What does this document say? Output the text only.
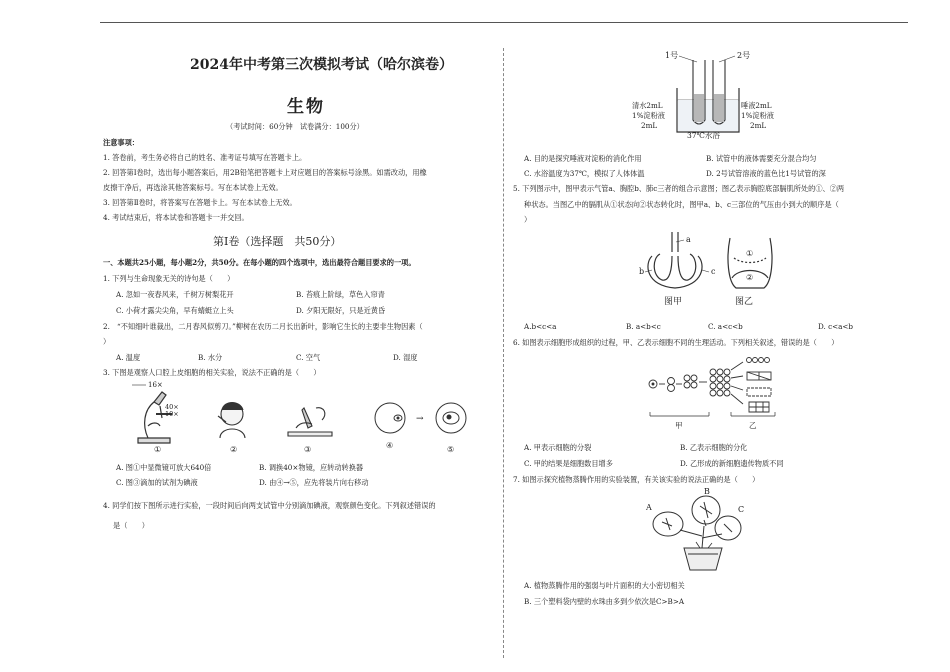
2024年中考第三次模拟考试（哈尔滨卷）
生物
（考试时间：60分钟　试卷满分：100分）
注意事项：
1. 答卷前，考生务必将自己的姓名、准考证号填写在答题卡上。
2. 回答第Ⅰ卷时，选出每小题答案后，用2B铅笔把答题卡上对应题目的答案标号涂黑。如需改动，用橡
皮擦干净后，再选涂其他答案标号。写在本试卷上无效。
3. 回答第Ⅱ卷时，将答案写在答题卡上。写在本试卷上无效。
4. 考试结束后，将本试卷和答题卡一并交回。
第Ⅰ卷（选择题　共50分）
一、本题共25小题，每小题2分，共50分。在每小题的四个选项中，选出最符合题目要求的一项。
1. 下列与生命现象无关的诗句是（　　）
A. 忽如一夜春风来，千树万树梨花开	B. 苔痕上阶绿，草色入帘青
C. 小荷才露尖尖角，早有蜻蜓立上头	D. 夕阳无限好，只是近黄昏
2.　“不知细叶谁裁出，二月春风似剪刀。”柳树在农历二月长出新叶，影响它生长的主要非生物因素（
）
A. 温度	B. 水分	C. 空气	D. 湿度
3. 下图是观察人口腔上皮细胞的相关实验，说法不正确的是（　　）
16×
40×
10×
①	②	③	④
→
⑤
A. 图①中显微镜可放大640倍	B. 调换40×物镜，应转动转换器
C. 图③滴加的试剂为碘液	D. 由④→⑤，应先将装片向右移动
4. 同学们按下图所示进行实验，一段时间后向两支试管中分别滴加碘液，观察颜色变化。下列叙述错误的
是（　　）
1号	2号
37℃水浴
清水2mL
1%淀粉液
2mL
唾液2mL
1%淀粉液
2mL
A. 目的是探究唾液对淀粉的消化作用	B. 试管中的液体需要充分混合均匀
C. 水浴温度为37℃，模拟了人体体温	D. 2号试管溶液的蓝色比1号试管的深
5. 下列图示中，图甲表示气管a、胸腔b、肺c三者的组合示意图；图乙表示胸腔底部膈肌所处的①、②两
种状态。当图乙中的膈肌从①状态向②状态转化时，图甲a、b、c三部位的气压由小到大的顺序是（
）
a
b	c
图甲
①
②
图乙
A.b<c<a	B. a<b<c	C. a<c<b	D. c<a<b
6. 如图表示细胞形成组织的过程，甲、乙表示细胞不同的生理活动。下列相关叙述，错误的是（　　）
甲	乙
A. 甲表示细胞的分裂	B. 乙表示细胞的分化
C. 甲的结果是细胞数目增多	D. 乙形成的新细胞遗传物质不同
7. 如图示探究植物蒸腾作用的实验装置，有关该实验的说法正确的是（　　）
B
A	C
A. 植物蒸腾作用的强弱与叶片面积的大小密切相关
B. 三个塑料袋内壁的水珠由多到少依次是C>B>A
